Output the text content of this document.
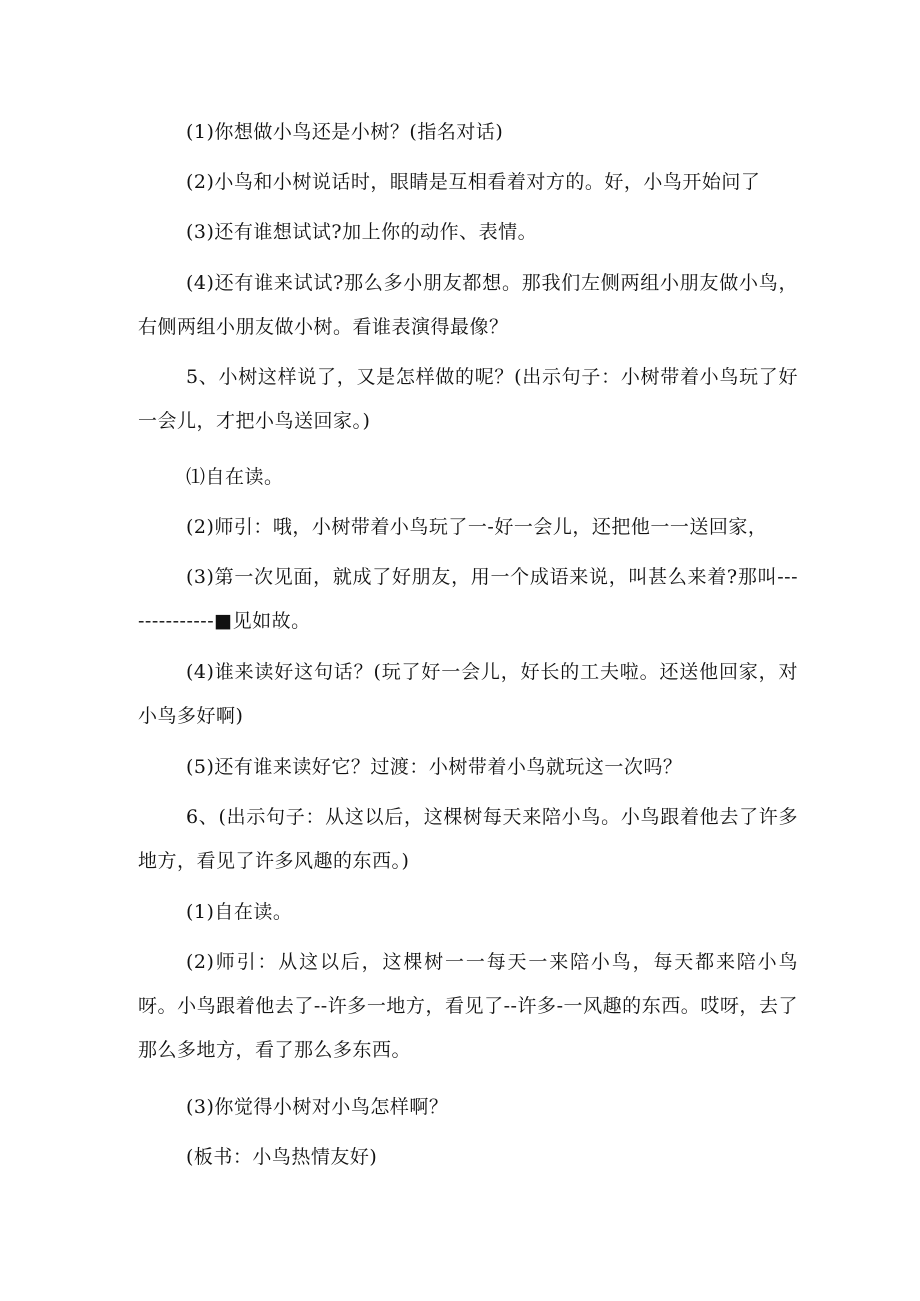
(1)你想做小鸟还是小树？(指名对话)

(2)小鸟和小树说话时，眼睛是互相看着对方的。好，小鸟开始问了

(3)还有谁想试试?加上你的动作、表情。

(4)还有谁来试试?那么多小朋友都想。那我们左侧两组小朋友做小鸟，右侧两组小朋友做小树。看谁表演得最像？

5、小树这样说了，又是怎样做的呢？(出示句子：小树带着小鸟玩了好一会儿，才把小鸟送回家。)

⑴自在读。

(2)师引：哦，小树带着小鸟玩了一-好一会儿，还把他一一送回家，

(3)第一次见面，就成了好朋友，用一个成语来说，叫甚么来着?那叫--------------■见如故。

(4)谁来读好这句话？(玩了好一会儿，好长的工夫啦。还送他回家，对小鸟多好啊)

(5)还有谁来读好它？过渡：小树带着小鸟就玩这一次吗？

6、(出示句子：从这以后，这棵树每天来陪小鸟。小鸟跟着他去了许多地方，看见了许多风趣的东西。)

(1)自在读。

(2)师引：从这以后，这棵树一一每天一来陪小鸟，每天都来陪小鸟呀。小鸟跟着他去了--许多一地方，看见了--许多-一风趣的东西。哎呀，去了那么多地方，看了那么多东西。

(3)你觉得小树对小鸟怎样啊？

(板书：小鸟热情友好)
